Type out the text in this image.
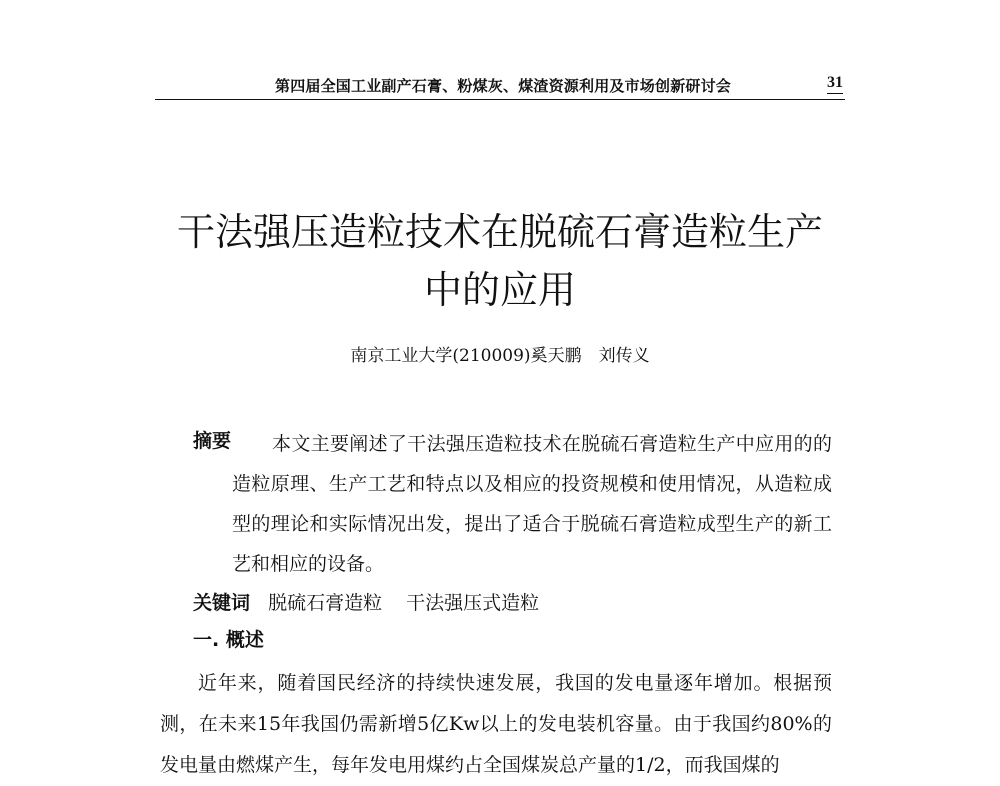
第四届全国工业副产石膏、粉煤灰、煤渣资源利用及市场创新研讨会	31
干法强压造粒技术在脱硫石膏造粒生产中的应用
南京工业大学(210009)奚天鹏　刘传义
摘要	本文主要阐述了干法强压造粒技术在脱硫石膏造粒生产中应用的的造粒原理、生产工艺和特点以及相应的投资规模和使用情况，从造粒成型的理论和实际情况出发，提出了适合于脱硫石膏造粒成型生产的新工艺和相应的设备。
关键词 脱硫石膏造粒 干法强压式造粒
一. 概述
近年来，随着国民经济的持续快速发展，我国的发电量逐年增加。根据预测，在未来15年我国仍需新增5亿Kw以上的发电装机容量。由于我国约80%的发电量由燃煤产生，每年发电用煤约占全国煤炭总产量的1/2，而我国煤的
